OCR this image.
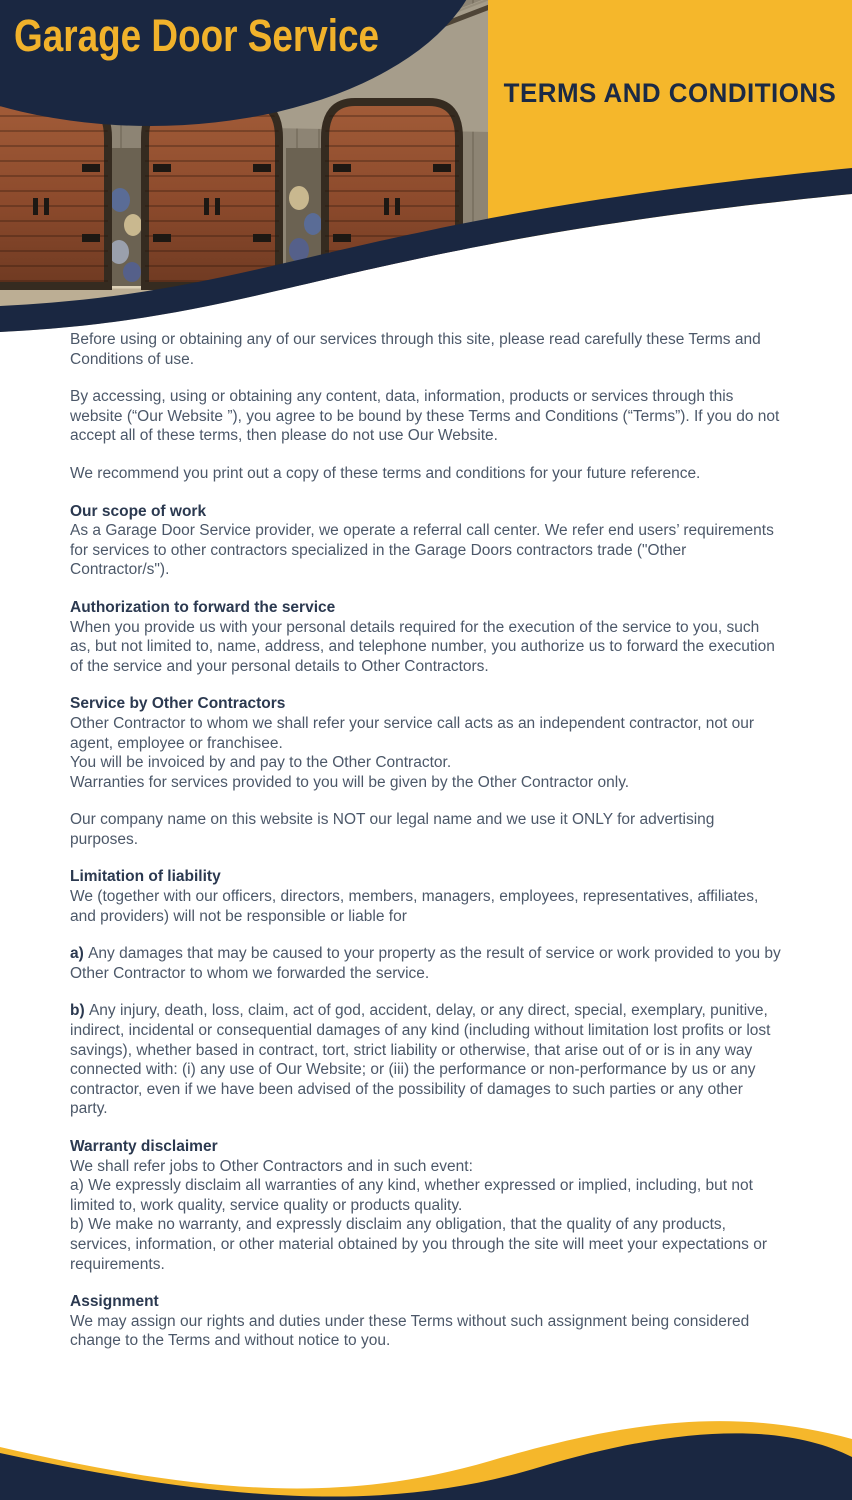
Garage Door Service
TERMS AND CONDITIONS

Before using or obtaining any of our services through this site, please read carefully these Terms and Conditions of use.

By accessing, using or obtaining any content, data, information, products or services through this website (“Our Website ”), you agree to be bound by these Terms and Conditions (“Terms”). If you do not accept all of these terms, then please do not use Our Website.

We recommend you print out a copy of these terms and conditions for your future reference.

Our scope of work

As a Garage Door Service provider, we operate a referral call center. We refer end users’ requirements for services to other contractors specialized in the Garage Doors contractors trade ("Other Contractor/s").

Authorization to forward the service

When you provide us with your personal details required for the execution of the service to you, such as, but not limited to, name, address, and telephone number, you authorize us to forward the execution of the service and your personal details to Other Contractors.

Service by Other Contractors

Other Contractor to whom we shall refer your service call acts as an independent contractor, not our agent, employee or franchisee.

You will be invoiced by and pay to the Other Contractor.

Warranties for services provided to you will be given by the Other Contractor only.

Our company name on this website is NOT our legal name and we use it ONLY for advertising purposes.

Limitation of liability

We (together with our officers, directors, members, managers, employees, representatives, affiliates, and providers) will not be responsible or liable for

a) Any damages that may be caused to your property as the result of service or work provided to you by Other Contractor to whom we forwarded the service.

b) Any injury, death, loss, claim, act of god, accident, delay, or any direct, special, exemplary, punitive, indirect, incidental or consequential damages of any kind (including without limitation lost profits or lost savings), whether based in contract, tort, strict liability or otherwise, that arise out of or is in any way connected with: (i) any use of Our Website; or (iii) the performance or non-performance by us or any contractor, even if we have been advised of the possibility of damages to such parties or any other party.

Warranty disclaimer

We shall refer jobs to Other Contractors and in such event:

a) We expressly disclaim all warranties of any kind, whether expressed or implied, including, but not limited to, work quality, service quality or products quality.

b) We make no warranty, and expressly disclaim any obligation, that the quality of any products, services, information, or other material obtained by you through the site will meet your expectations or requirements.

Assignment

We may assign our rights and duties under these Terms without such assignment being considered change to the Terms and without notice to you.
